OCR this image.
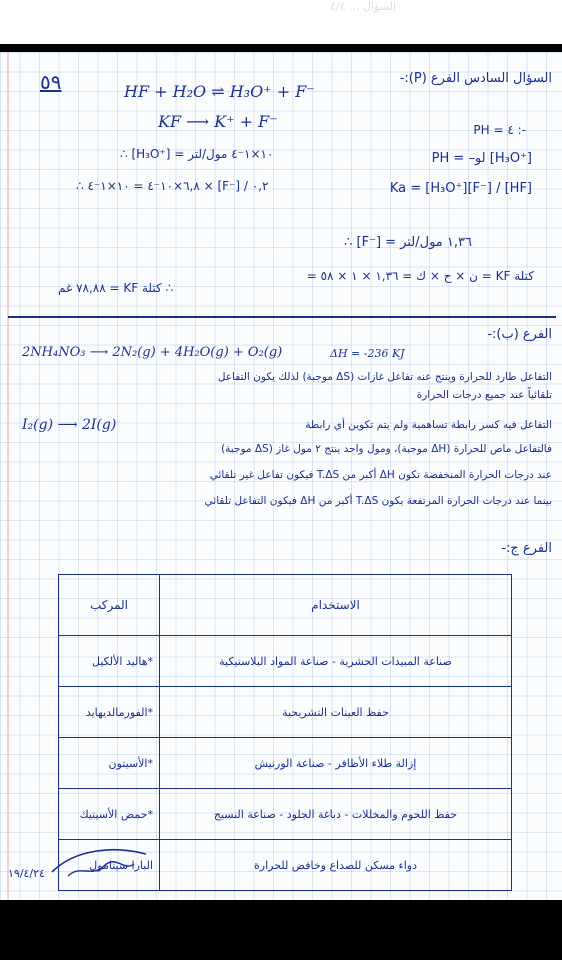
السؤال ... ٤/٤
٥٩	السؤال السادس الفرع (P):-
HF + H₂O ⇌ H₃O⁺ + F⁻
KF ⟶ K⁺ + F⁻	PH = ٤ :-
PH = –لو [H₃O⁺]
∴ [H₃O⁺] = ١٠×١⁻٤ مول/لتر
Ka = [H₃O⁺][F⁻] / [HF]
∴ ٦,٨×١٠⁻٤ = ١٠×١⁻٤ × [F⁻] / ٠,٢
∴ [F⁻] = ١,٣٦ مول/لتر
كتلة KF = ن × ح × ك = ١,٣٦ × ١ × ٥٨ =
∴ كتلة KF = ٧٨,٨٨ غم
الفرع (ب):-
2NH₄NO₃ ⟶ 2N₂(g) + 4H₂O(g) + O₂(g)	ΔH = -236 KJ
التفاعل طارد للحرارة وينتج عنه تفاعل غازات (ΔS موجبة) لذلك يكون التفاعل
تلقائياً عند جميع درجات الحرارة
I₂(g) ⟶ 2I(g)	التفاعل فيه كسر رابطة تساهمية ولم يتم تكوين أي رابطة
فالتفاعل ماص للحرارة (ΔH موجبة)، ومول واحد ينتج ٢ مول غاز (ΔS موجبة)
عند درجات الحرارة المنخفضة تكون ΔH أكبر من T.ΔS فيكون تفاعل غير تلقائي
بينما عند درجات الحرارة المرتفعة يكون T.ΔS أكبر من ΔH فيكون التفاعل تلقائي
الفرع ج:-
المركب	الاستخدام
*هاليد الألكيل	صناعة المبيدات الحشرية - صناعة المواد البلاستيكية
*الفورمالديهايد	حفظ العينات التشريحية
*الأسيتون	إزالة طلاء الأظافر - صناعة الورنيش
*حمض الأسيتيك	حفظ اللحوم والمخللات - دباغة الجلود - صناعة النسيج
البارا سيتامول	دواء مسكن للصداع وخافض للحرارة
١٩/٤/٢٤
